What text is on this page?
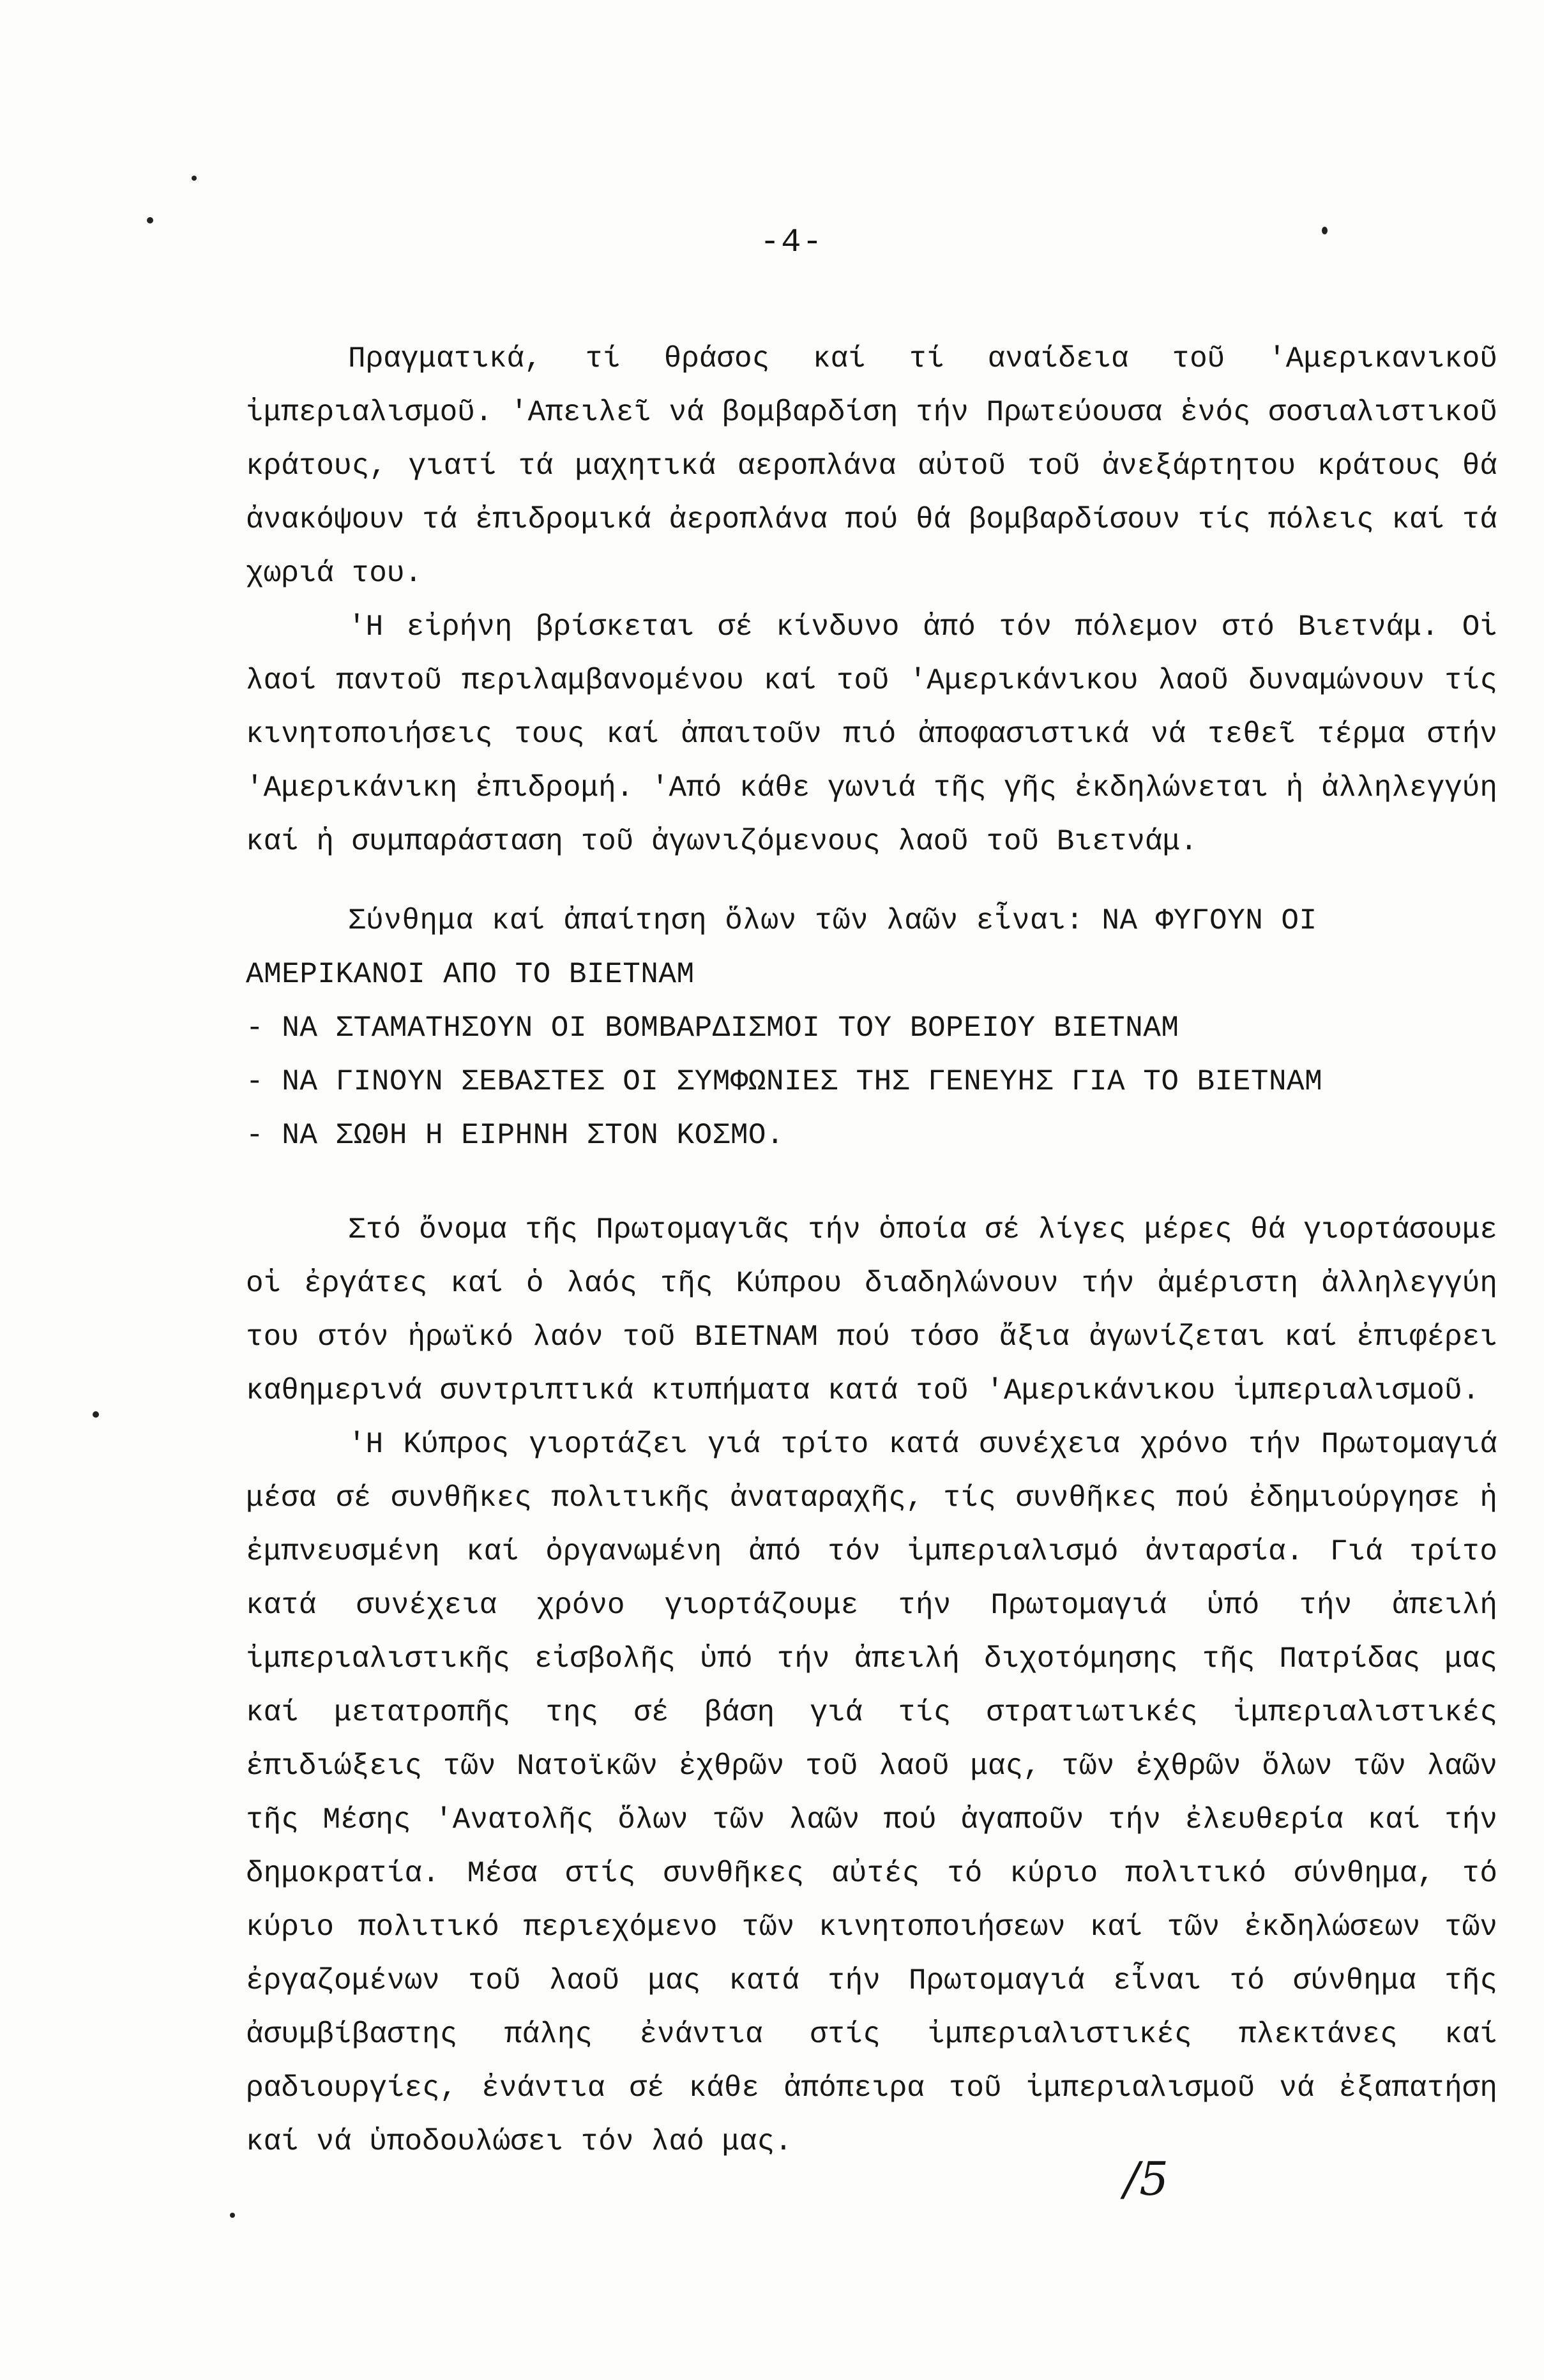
-4-

Πραγματικά, τί θράσος καί τί αναίδεια τοῦ 'Αμερικανικοῦ ἰμπεριαλισμοῦ. 'Απειλεῖ νά βομβαρδίση τήν Πρωτεύουσα ἑνός σοσιαλιστικοῦ κράτους, γιατί τά μαχητικά αεροπλάνα αὐτοῦ τοῦ ἀνεξάρτητου κράτους θά ἀνακόψουν τά ἐπιδρομικά ἀεροπλάνα πού θά βομβαρδίσουν τίς πόλεις καί τά χωριά του.

'Η εἰρήνη βρίσκεται σέ κίνδυνο ἀπό τόν πόλεμον στό Βιετνάμ. Οἱ λαοί παντοῦ περιλαμβανομένου καί τοῦ 'Αμερικάνικου λαοῦ δυναμώνουν τίς κινητοποιήσεις τους καί ἀπαιτοῦν πιό ἀποφασιστικά νά τεθεῖ τέρμα στήν 'Αμερικάνικη ἐπιδρομή. 'Από κάθε γωνιά τῆς γῆς ἐκδηλώνεται ἡ ἀλληλεγγύη καί ἡ συμπαράσταση τοῦ ἀγωνιζόμενους λαοῦ τοῦ Βιετνάμ.

Σύνθημα καί ἀπαίτηση ὅλων τῶν λαῶν εἶναι: ΝΑ ΦΥΓΟΥΝ ΟΙ

ΑΜΕΡΙΚΑΝΟΙ ΑΠΟ ΤΟ ΒΙΕΤΝΑΜ

- ΝΑ ΣΤΑΜΑΤΗΣΟΥΝ ΟΙ ΒΟΜΒΑΡΔΙΣΜΟΙ ΤΟΥ ΒΟΡΕΙΟΥ ΒΙΕΤΝΑΜ

- ΝΑ ΓΙΝΟΥΝ ΣΕΒΑΣΤΕΣ ΟΙ ΣΥΜΦΩΝΙΕΣ ΤΗΣ ΓΕΝΕΥΗΣ ΓΙΑ ΤΟ ΒΙΕΤΝΑΜ

- ΝΑ ΣΩΘΗ Η ΕΙΡΗΝΗ ΣΤΟΝ ΚΟΣΜΟ.

Στό ὄνομα τῆς Πρωτομαγιᾶς τήν ὁποία σέ λίγες μέρες θά γιορτάσουμε οἱ ἐργάτες καί ὁ λαός τῆς Κύπρου διαδηλώνουν τήν ἀμέριστη ἀλληλεγγύη του στόν ἡρωϊκό λαόν τοῦ ΒΙΕΤΝΑΜ πού τόσο ἄξια ἀγωνίζεται καί ἐπιφέρει καθημερινά συντριπτικά κτυπήματα κατά τοῦ 'Αμερικάνικου ἰμπεριαλισμοῦ.

'Η Κύπρος γιορτάζει γιά τρίτο κατά συνέχεια χρόνο τήν Πρωτομαγιά μέσα σέ συνθῆκες πολιτικῆς ἀναταραχῆς, τίς συνθῆκες πού ἐδημιούργησε ἡ ἐμπνευσμένη καί ὀργανωμένη ἀπό τόν ἰμπεριαλισμό ἀνταρσία. Γιά τρίτο κατά συνέχεια χρόνο γιορτάζουμε τήν Πρωτομαγιά ὑπό τήν ἀπειλή ἰμπεριαλιστικῆς εἰσβολῆς ὑπό τήν ἀπειλή διχοτόμησης τῆς Πατρίδας μας καί μετατροπῆς της σέ βάση γιά τίς στρατιωτικές ἰμπεριαλιστικές ἐπιδιώξεις τῶν Νατοϊκῶν ἐχθρῶν τοῦ λαοῦ μας, τῶν ἐχθρῶν ὅλων τῶν λαῶν τῆς Μέσης 'Ανατολῆς ὅλων τῶν λαῶν πού ἀγαποῦν τήν ἐλευθερία καί τήν δημοκρατία. Μέσα στίς συνθῆκες αὐτές τό κύριο πολιτικό σύνθημα, τό κύριο πολιτικό περιεχόμενο τῶν κινητοποιήσεων καί τῶν ἐκδηλώσεων τῶν ἐργαζομένων τοῦ λαοῦ μας κατά τήν Πρωτομαγιά εἶναι τό σύνθημα τῆς ἀσυμβίβαστης πάλης ἐνάντια στίς ἰμπεριαλιστικές πλεκτάνες καί ραδιουργίες, ἐνάντια σέ κάθε ἀπόπειρα τοῦ ἰμπεριαλισμοῦ νά ἐξαπατήση καί νά ὑποδουλώσει τόν λαό μας.

/5
